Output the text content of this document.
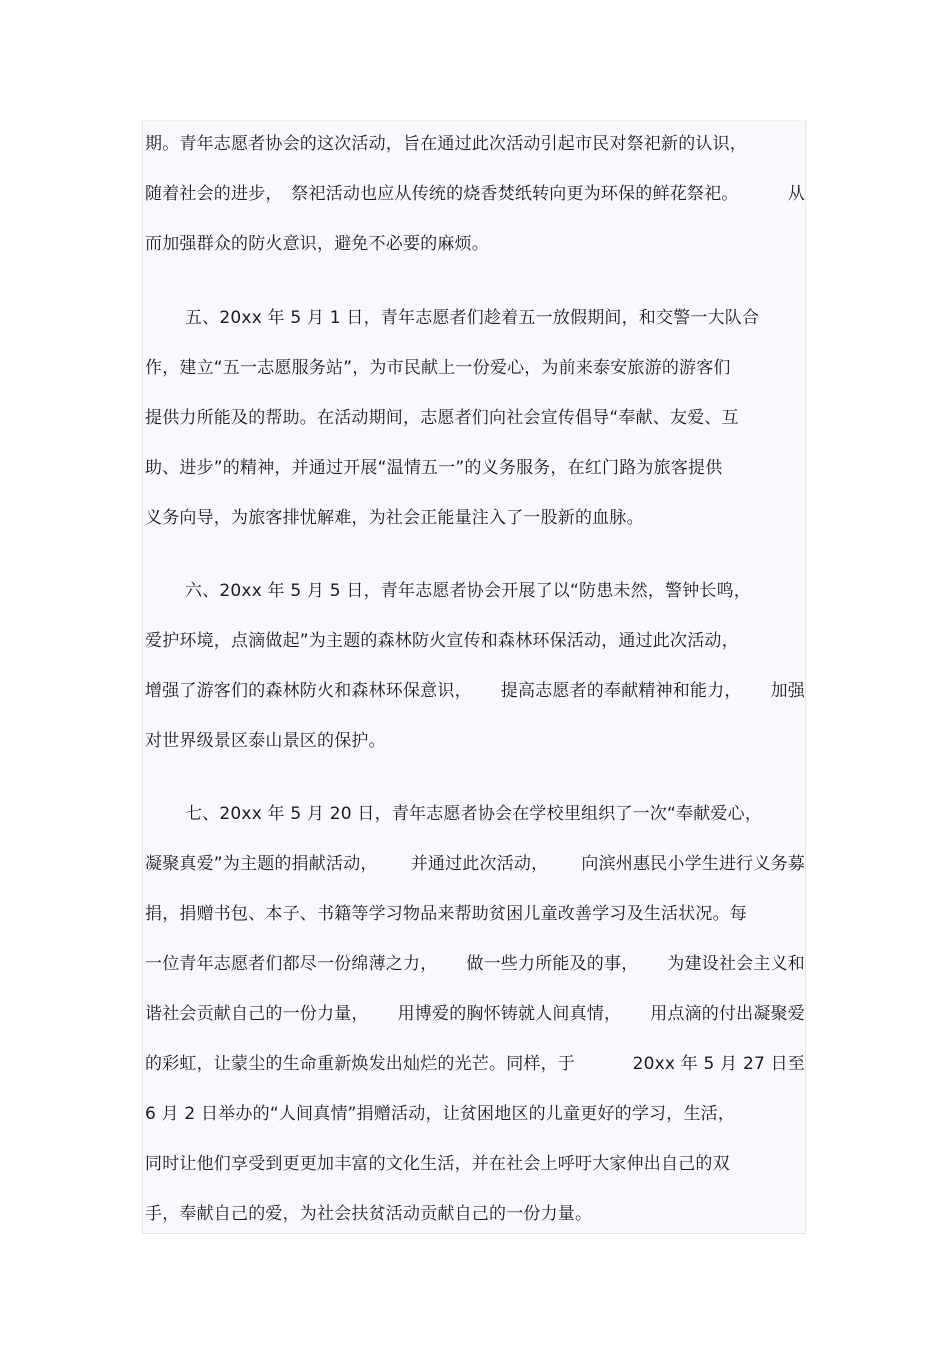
期。青年志愿者协会的这次活动，旨在通过此次活动引起市民对祭祀新的认识，
随着社会的进步，　祭祀活动也应从传统的烧香焚纸转向更为环保的鲜花祭祀。	从
而加强群众的防火意识，避免不必要的麻烦。
五、20xx 年 5 月 1 日，青年志愿者们趁着五一放假期间，和交警一大队合
作，建立“五一志愿服务站”，为市民献上一份爱心，为前来泰安旅游的游客们
提供力所能及的帮助。在活动期间，志愿者们向社会宣传倡导“奉献、友爱、互
助、进步”的精神，并通过开展“温情五一”的义务服务，在红门路为旅客提供
义务向导，为旅客排忧解难，为社会正能量注入了一股新的血脉。
六、20xx 年 5 月 5 日，青年志愿者协会开展了以“防患未然，警钟长鸣，
爱护环境，点滴做起”为主题的森林防火宣传和森林环保活动，通过此次活动，
增强了游客们的森林防火和森林环保意识， 提高志愿者的奉献精神和能力， 加强
对世界级景区泰山景区的保护。
七、20xx 年 5 月 20 日，青年志愿者协会在学校里组织了一次“奉献爱心，
凝聚真爱”为主题的捐献活动， 并通过此次活动， 向滨州惠民小学生进行义务募
捐，捐赠书包、本子、书籍等学习物品来帮助贫困儿童改善学习及生活状况。每
一位青年志愿者们都尽一份绵薄之力， 做一些力所能及的事， 为建设社会主义和
谐社会贡献自己的一份力量， 用博爱的胸怀铸就人间真情， 用点滴的付出凝聚爱
的彩虹，让蒙尘的生命重新焕发出灿烂的光芒。同样，于	20xx 年 5 月 27 日至
6 月 2 日举办的“人间真情”捐赠活动，让贫困地区的儿童更好的学习，生活，
同时让他们享受到更更加丰富的文化生活，并在社会上呼吁大家伸出自己的双
手，奉献自己的爱，为社会扶贫活动贡献自己的一份力量。
